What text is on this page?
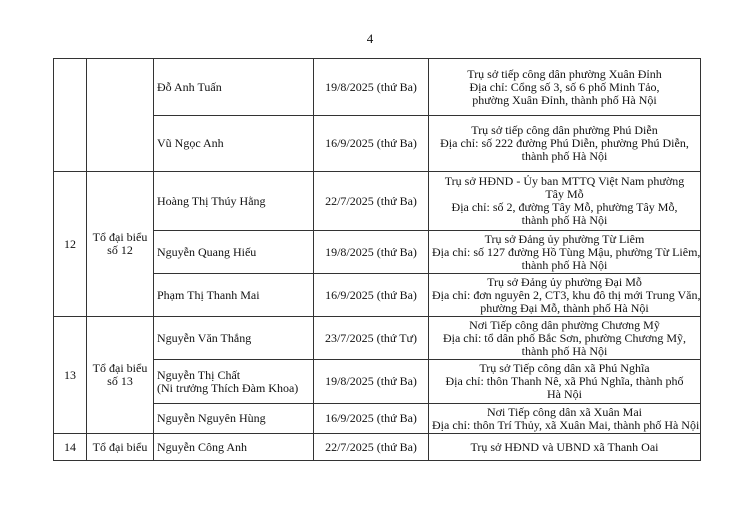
4

		Đỗ Anh Tuấn	19/8/2025 (thứ Ba)	Trụ sở tiếp công dân phường Xuân Đỉnh
Địa chỉ: Cổng số 3, số 6 phố Minh Tảo,
phường Xuân Đỉnh, thành phố Hà Nội

		Vũ Ngọc Anh	16/9/2025 (thứ Ba)	Trụ sở tiếp công dân phường Phú Diễn
Địa chỉ: số 222 đường Phú Diễn, phường Phú Diễn,
thành phố Hà Nội

12	Tổ đại biểu
số 12	Hoàng Thị Thúy Hằng	22/7/2025 (thứ Ba)	Trụ sở HĐND - Ủy ban MTTQ Việt Nam phường
Tây Mỗ
Địa chỉ: số 2, đường Tây Mỗ, phường Tây Mỗ,
thành phố Hà Nội

		Nguyễn Quang Hiếu	19/8/2025 (thứ Ba)	Trụ sở Đảng ủy phường Từ Liêm
Địa chỉ: số 127 đường Hồ Tùng Mậu, phường Từ Liêm,
thành phố Hà Nội

		Phạm Thị Thanh Mai	16/9/2025 (thứ Ba)	Trụ sở Đảng ủy phường Đại Mỗ
Địa chỉ: đơn nguyên 2, CT3, khu đô thị mới Trung Văn,
phường Đại Mỗ, thành phố Hà Nội

13	Tổ đại biểu
số 13	Nguyễn Văn Thắng	23/7/2025 (thứ Tư)	Nơi Tiếp công dân phường Chương Mỹ
Địa chỉ: tổ dân phố Bắc Sơn, phường Chương Mỹ,
thành phố Hà Nội

		Nguyễn Thị Chất
(Ni trưởng Thích Đàm Khoa)	19/8/2025 (thứ Ba)	Trụ sở Tiếp công dân xã Phú Nghĩa
Địa chỉ: thôn Thanh Nê, xã Phú Nghĩa, thành phố
Hà Nội

		Nguyễn Nguyên Hùng	16/9/2025 (thứ Ba)	Nơi Tiếp công dân xã Xuân Mai
Địa chỉ: thôn Trí Thủy, xã Xuân Mai, thành phố Hà Nội

14	Tổ đại biểu	Nguyễn Công Anh	22/7/2025 (thứ Ba)	Trụ sở HĐND và UBND xã Thanh Oai
